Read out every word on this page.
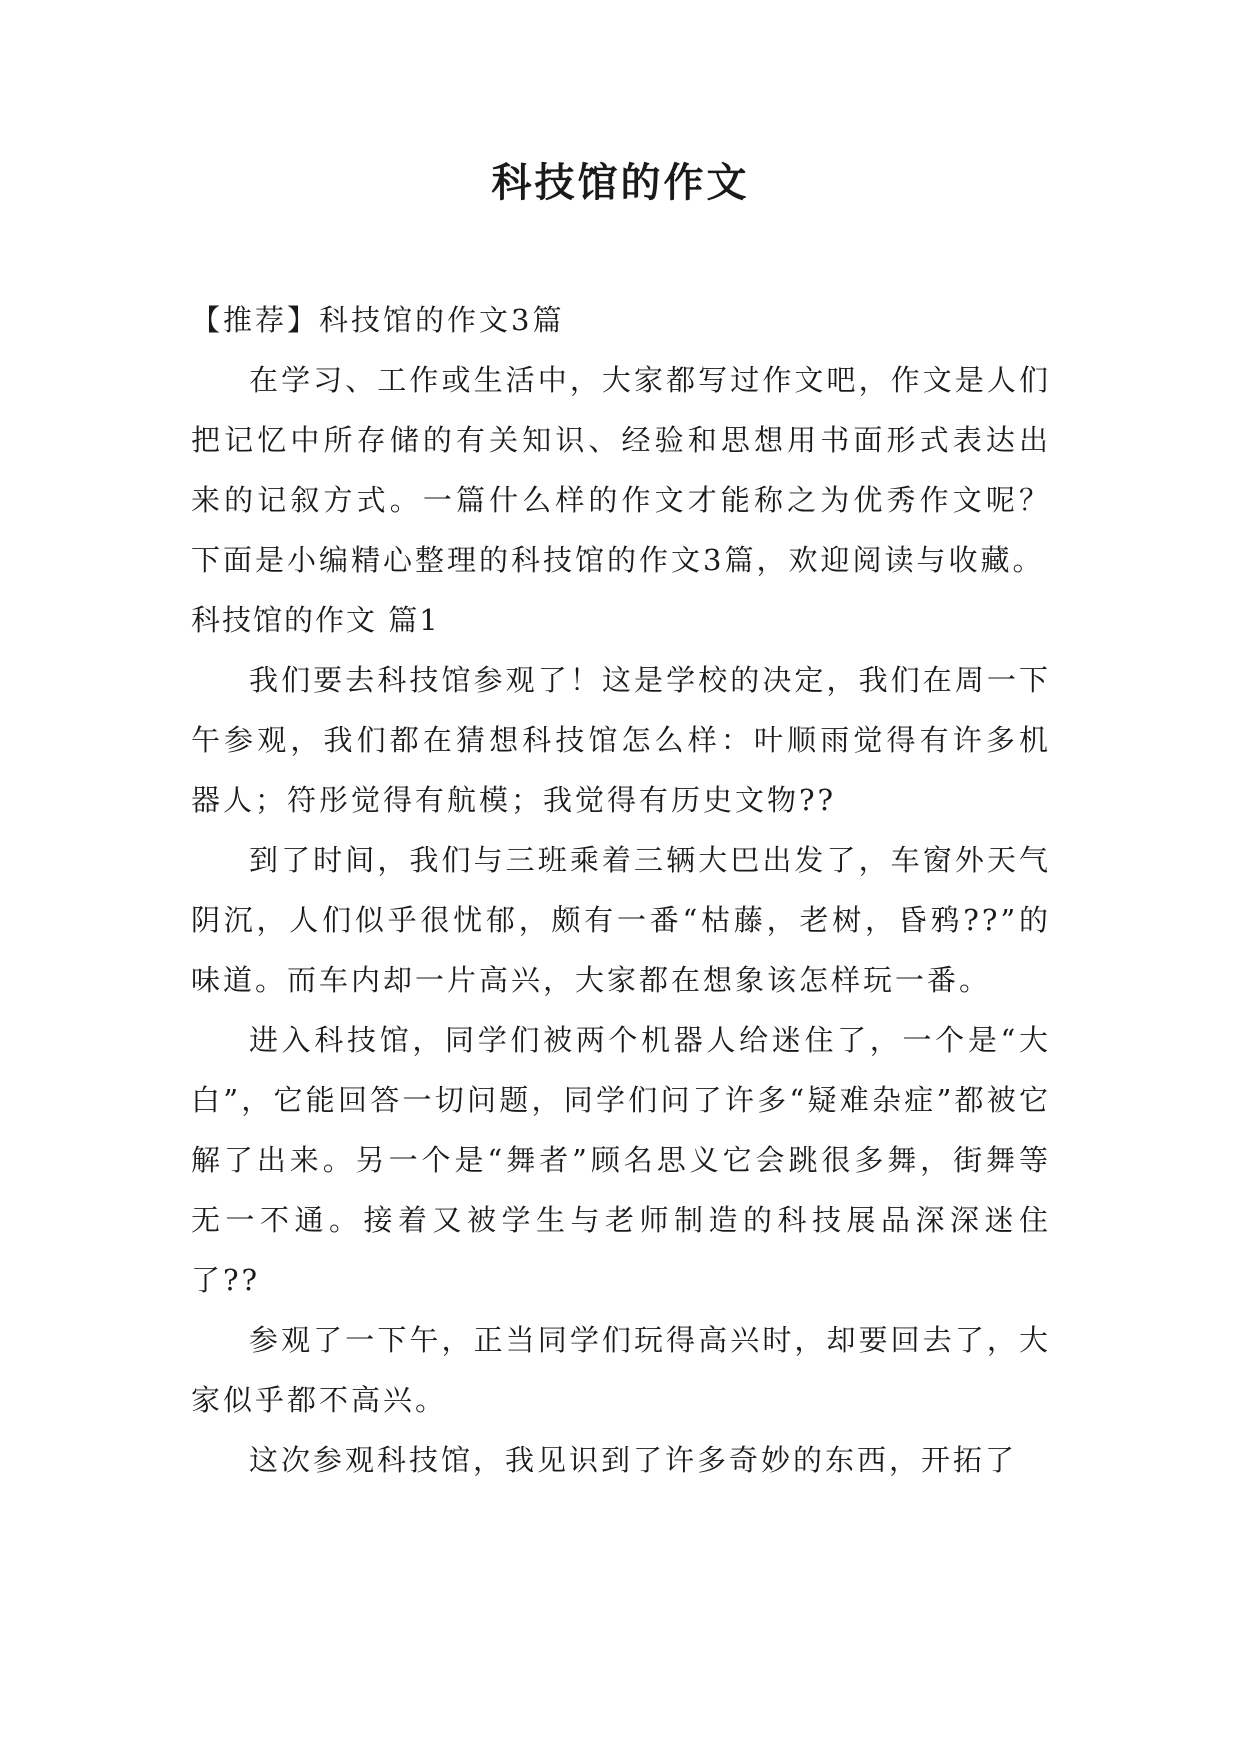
科技馆的作文

【推荐】科技馆的作文3篇

在学习、工作或生活中，大家都写过作文吧，作文是人们把记忆中所存储的有关知识、经验和思想用书面形式表达出来的记叙方式。一篇什么样的作文才能称之为优秀作文呢？下面是小编精心整理的科技馆的作文3篇，欢迎阅读与收藏。

科技馆的作文 篇1

我们要去科技馆参观了！这是学校的决定，我们在周一下午参观，我们都在猜想科技馆怎么样：叶顺雨觉得有许多机器人；符彤觉得有航模；我觉得有历史文物??

到了时间，我们与三班乘着三辆大巴出发了，车窗外天气阴沉，人们似乎很忧郁，颇有一番“枯藤，老树，昏鸦??”的味道。而车内却一片高兴，大家都在想象该怎样玩一番。

进入科技馆，同学们被两个机器人给迷住了，一个是“大白”，它能回答一切问题，同学们问了许多“疑难杂症”都被它解了出来。另一个是“舞者”顾名思义它会跳很多舞，街舞等无一不通。接着又被学生与老师制造的科技展品深深迷住了??

参观了一下午，正当同学们玩得高兴时，却要回去了，大家似乎都不高兴。

这次参观科技馆，我见识到了许多奇妙的东西，开拓了
